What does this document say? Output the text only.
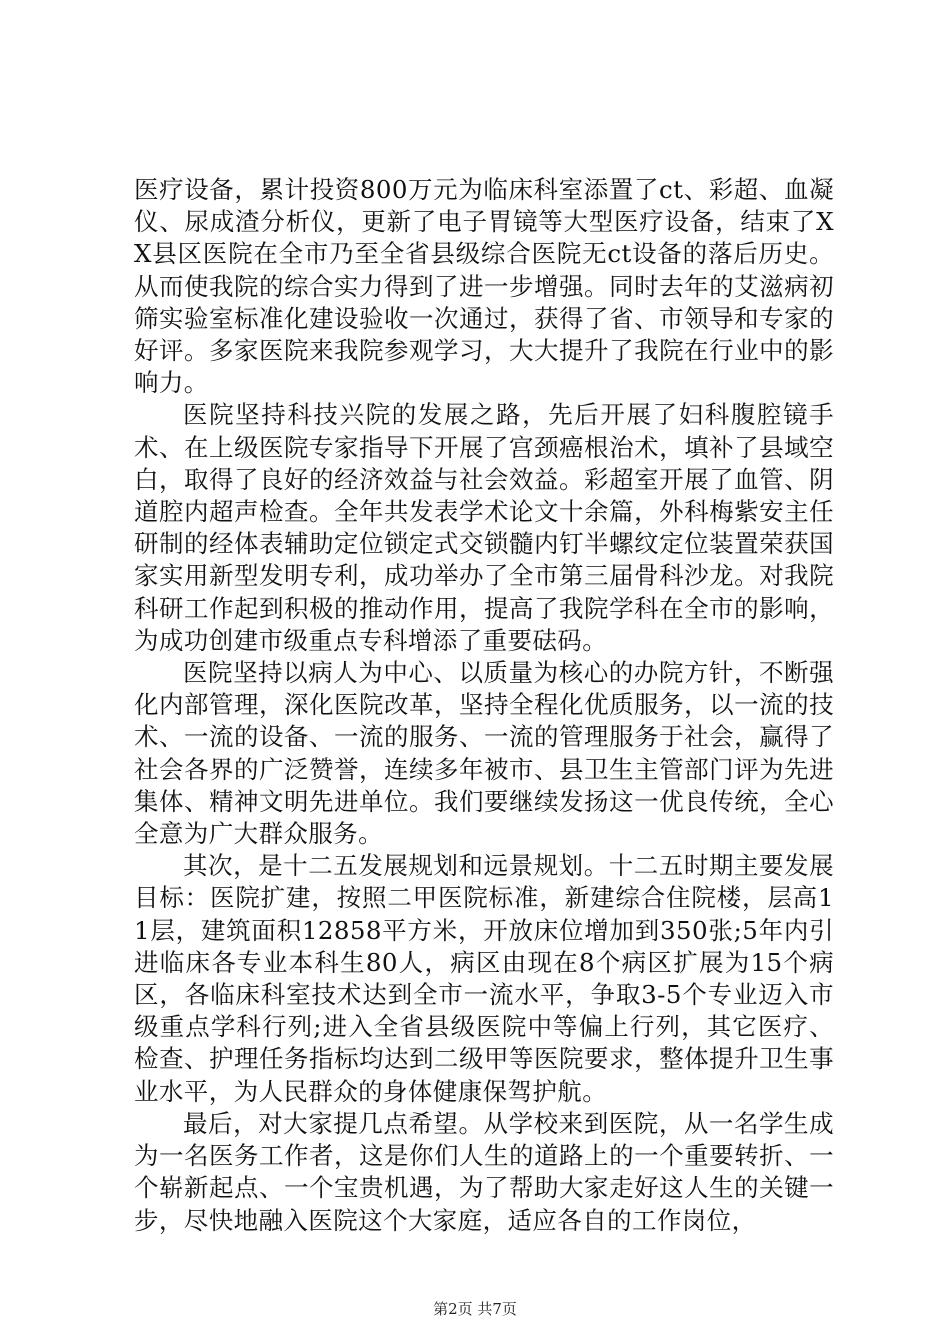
医疗设备，累计投资800万元为临床科室添置了ct、彩超、血凝仪、尿成渣分析仪，更新了电子胃镜等大型医疗设备，结束了XX县区医院在全市乃至全省县级综合医院无ct设备的落后历史。从而使我院的综合实力得到了进一步增强。同时去年的艾滋病初筛实验室标准化建设验收一次通过，获得了省、市领导和专家的好评。多家医院来我院参观学习，大大提升了我院在行业中的影响力。

医院坚持科技兴院的发展之路，先后开展了妇科腹腔镜手术、在上级医院专家指导下开展了宫颈癌根治术，填补了县域空白，取得了良好的经济效益与社会效益。彩超室开展了血管、阴道腔内超声检查。全年共发表学术论文十余篇，外科梅紫安主任研制的经体表辅助定位锁定式交锁髓内钉半螺纹定位装置荣获国家实用新型发明专利，成功举办了全市第三届骨科沙龙。对我院科研工作起到积极的推动作用，提高了我院学科在全市的影响，为成功创建市级重点专科增添了重要砝码。

医院坚持以病人为中心、以质量为核心的办院方针，不断强化内部管理，深化医院改革，坚持全程化优质服务，以一流的技术、一流的设备、一流的服务、一流的管理服务于社会，赢得了社会各界的广泛赞誉，连续多年被市、县卫生主管部门评为先进集体、精神文明先进单位。我们要继续发扬这一优良传统，全心全意为广大群众服务。

其次，是十二五发展规划和远景规划。十二五时期主要发展目标：医院扩建，按照二甲医院标准，新建综合住院楼，层高11层，建筑面积12858平方米，开放床位增加到350张;5年内引进临床各专业本科生80人，病区由现在8个病区扩展为15个病区，各临床科室技术达到全市一流水平，争取3-5个专业迈入市级重点学科行列;进入全省县级医院中等偏上行列，其它医疗、检查、护理任务指标均达到二级甲等医院要求，整体提升卫生事业水平，为人民群众的身体健康保驾护航。

最后，对大家提几点希望。从学校来到医院，从一名学生成为一名医务工作者，这是你们人生的道路上的一个重要转折、一个崭新起点、一个宝贵机遇，为了帮助大家走好这人生的关键一步，尽快地融入医院这个大家庭，适应各自的工作岗位，

第2页 共7页
